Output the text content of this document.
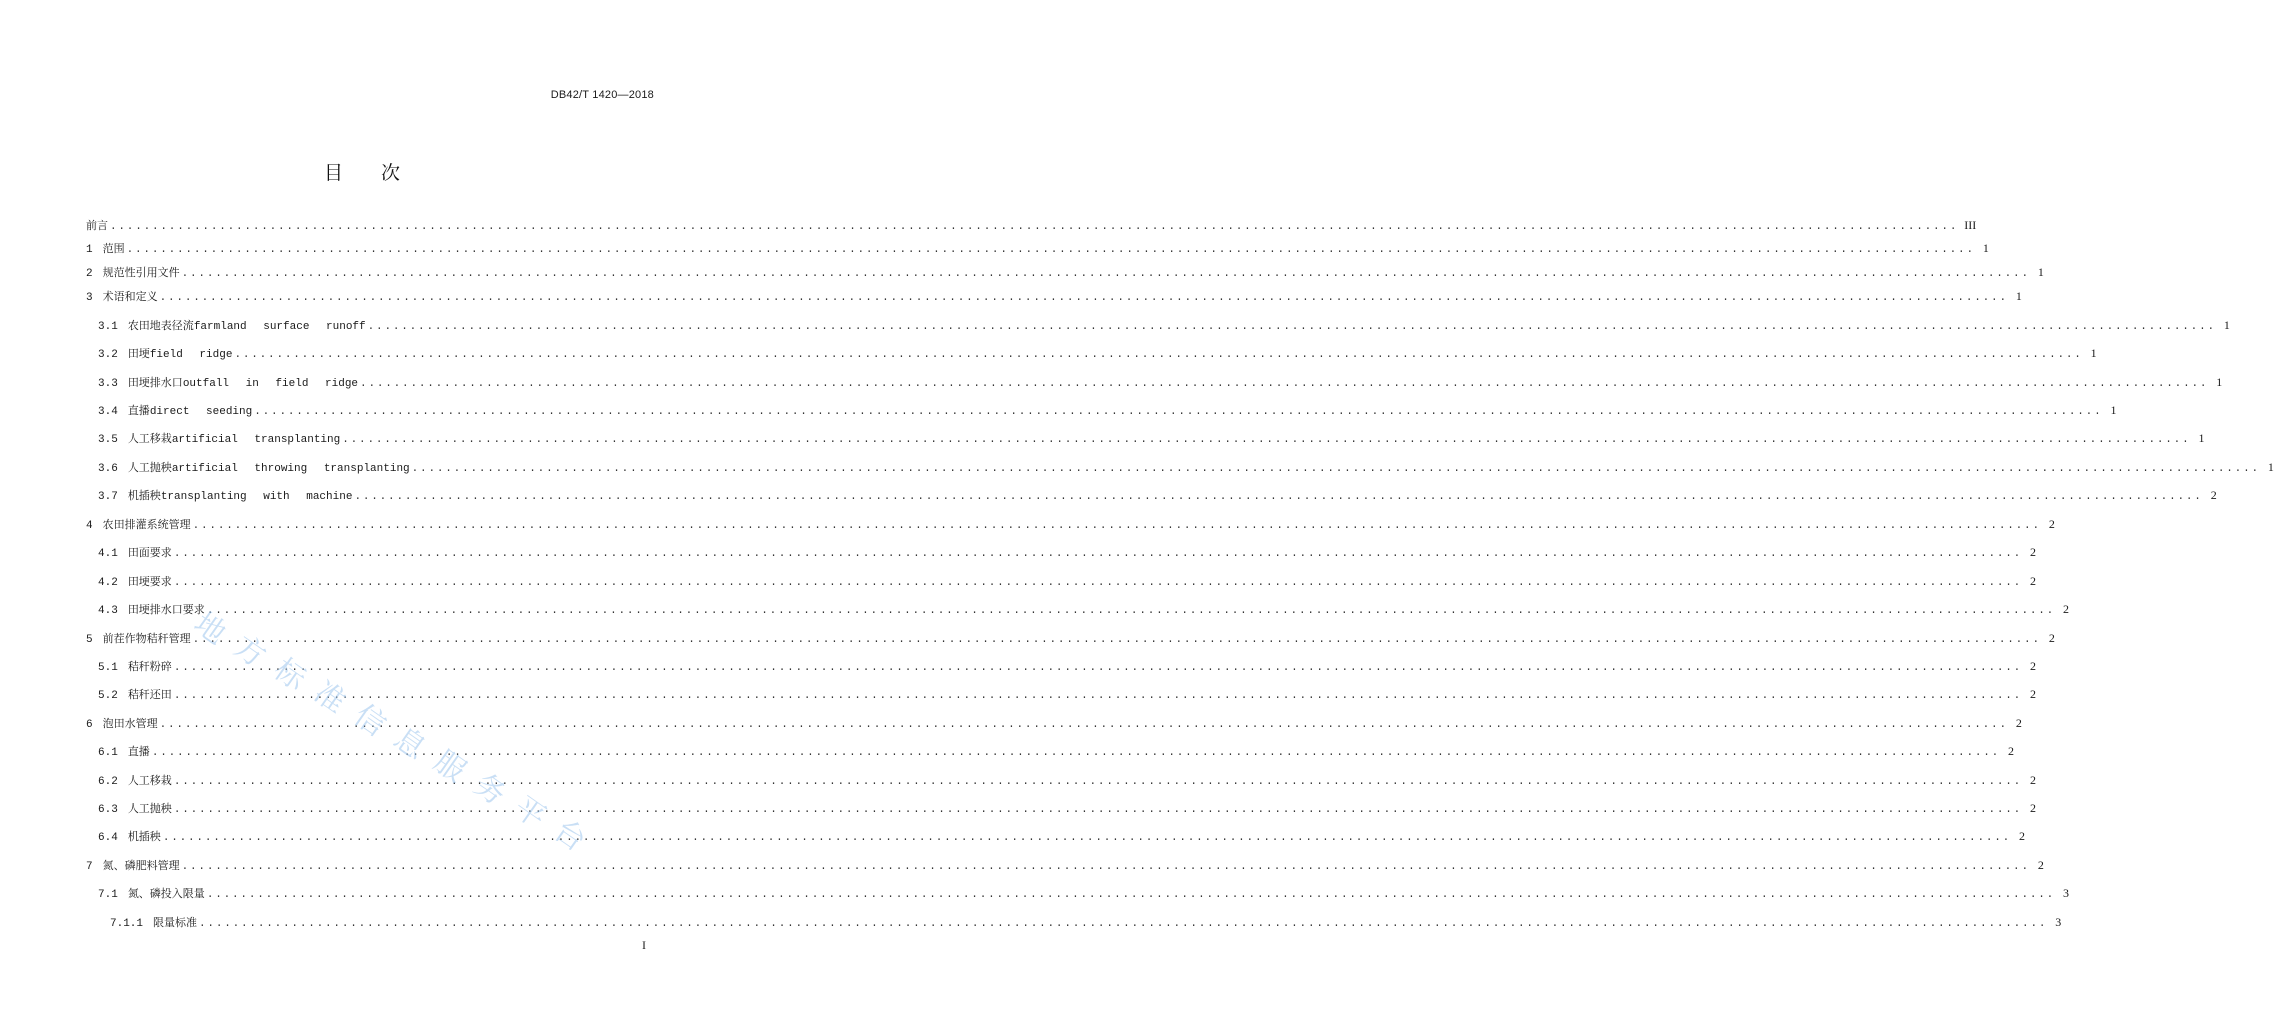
DB42/T 1420—2018
目　　次
前言 ............................................................................................................................................................................................................................ III
1 范围 ............................................................................................................................................................................................................................ 1
2 规范性引用文件 ............................................................................................................................................................................................................................ 1
3 术语和定义 ............................................................................................................................................................................................................................ 1
3.1 农田地表径流 farmland surface runoff ............................................................................................................................................................................................................................ 1
3.2 田埂 field ridge ............................................................................................................................................................................................................................ 1
3.3 田埂排水口 outfall in field ridge ............................................................................................................................................................................................................................ 1
3.4 直播 direct seeding ............................................................................................................................................................................................................................ 1
3.5 人工移栽 artificial transplanting ............................................................................................................................................................................................................................ 1
3.6 人工抛秧 artificial throwing transplanting ............................................................................................................................................................................................................................ 1
3.7 机插秧 transplanting with machine ............................................................................................................................................................................................................................ 2
4 农田排灌系统管理 ............................................................................................................................................................................................................................ 2
4.1 田面要求 ............................................................................................................................................................................................................................ 2
4.2 田埂要求 ............................................................................................................................................................................................................................ 2
4.3 田埂排水口要求 ............................................................................................................................................................................................................................ 2
5 前茬作物秸秆管理 ............................................................................................................................................................................................................................ 2
5.1 秸秆粉碎 ............................................................................................................................................................................................................................ 2
5.2 秸秆还田 ............................................................................................................................................................................................................................ 2
6 泡田水管理 ............................................................................................................................................................................................................................ 2
6.1 直播 ............................................................................................................................................................................................................................ 2
6.2 人工移栽 ............................................................................................................................................................................................................................ 2
6.3 人工抛秧 ............................................................................................................................................................................................................................ 2
6.4 机插秧 ............................................................................................................................................................................................................................ 2
7 氮、磷肥料管理 ............................................................................................................................................................................................................................ 2
7.1 氮、磷投入限量 ............................................................................................................................................................................................................................ 3
7.1.1 限量标准 ............................................................................................................................................................................................................................ 3
I
地
方
标
准
信
息
服
务
平
台
